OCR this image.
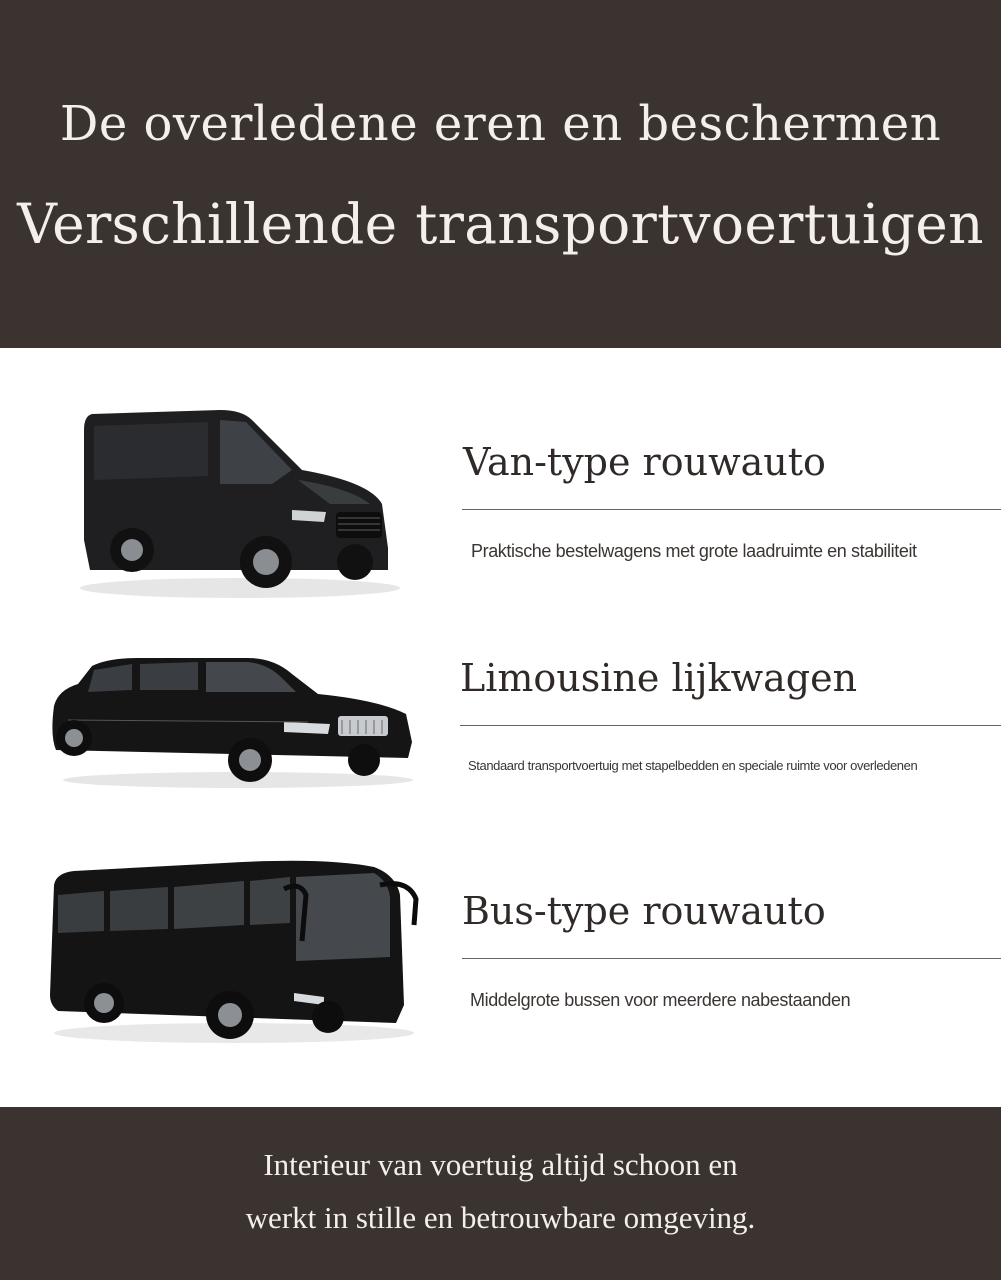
De overledene eren en beschermen
Verschillende transportvoertuigen
Van-type rouwauto
Praktische bestelwagens met grote laadruimte en stabiliteit
Limousine lijkwagen
Standaard transportvoertuig met stapelbedden en speciale ruimte voor overledenen
Bus-type rouwauto
Middelgrote bussen voor meerdere nabestaanden
Interieur van voertuig altijd schoon en
werkt in stille en betrouwbare omgeving.
